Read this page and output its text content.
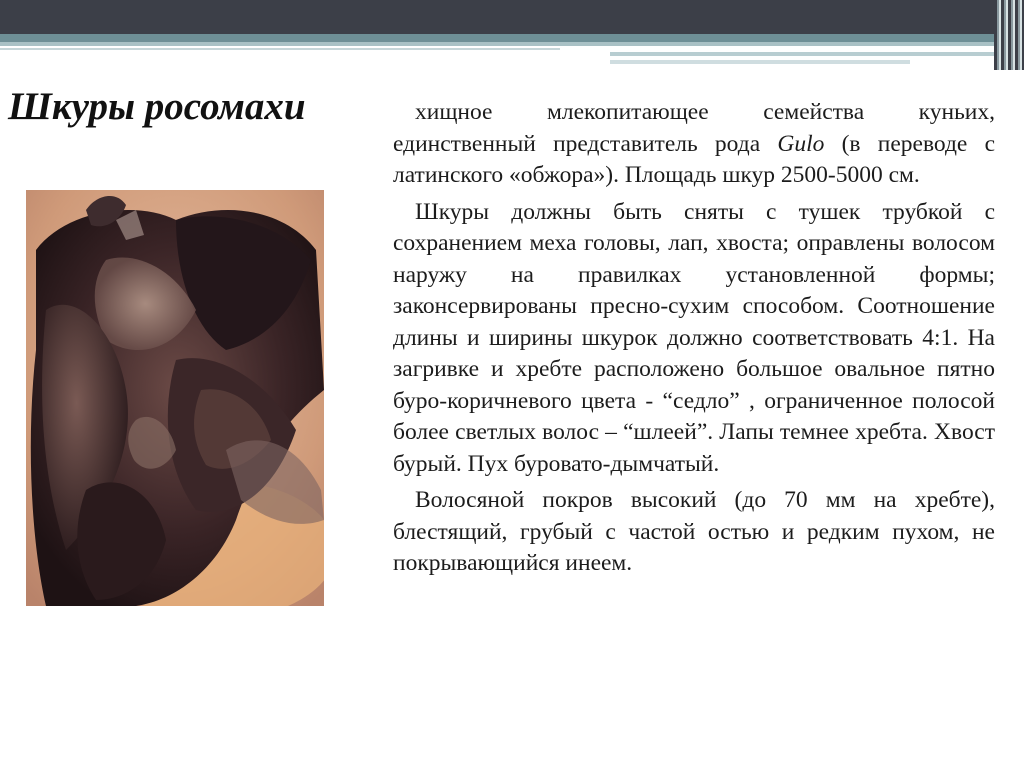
Шкуры росомахи	хищное млекопитающее семейства куньих, единственный представитель рода Gulo (в переводе с латинского «обжора»). Площадь шкур 2500-5000 см.

Шкуры должны быть сняты с тушек трубкой с сохранением меха головы, лап, хвоста; оправлены волосом наружу на правилках установленной формы; законсервированы пресно-сухим способом. Соотношение длины и ширины шкурок должно соответствовать 4:1. На загривке и хребте расположено большое овальное пятно буро-коричневого цвета - “седло” , ограниченное полосой более светлых волос – “шлеей”. Лапы темнее хребта. Хвост бурый. Пух буровато-дымчатый.

Волосяной покров высокий (до 70 мм на хребте), блестящий, грубый с частой остью и редким пухом, не покрывающийся инеем.
